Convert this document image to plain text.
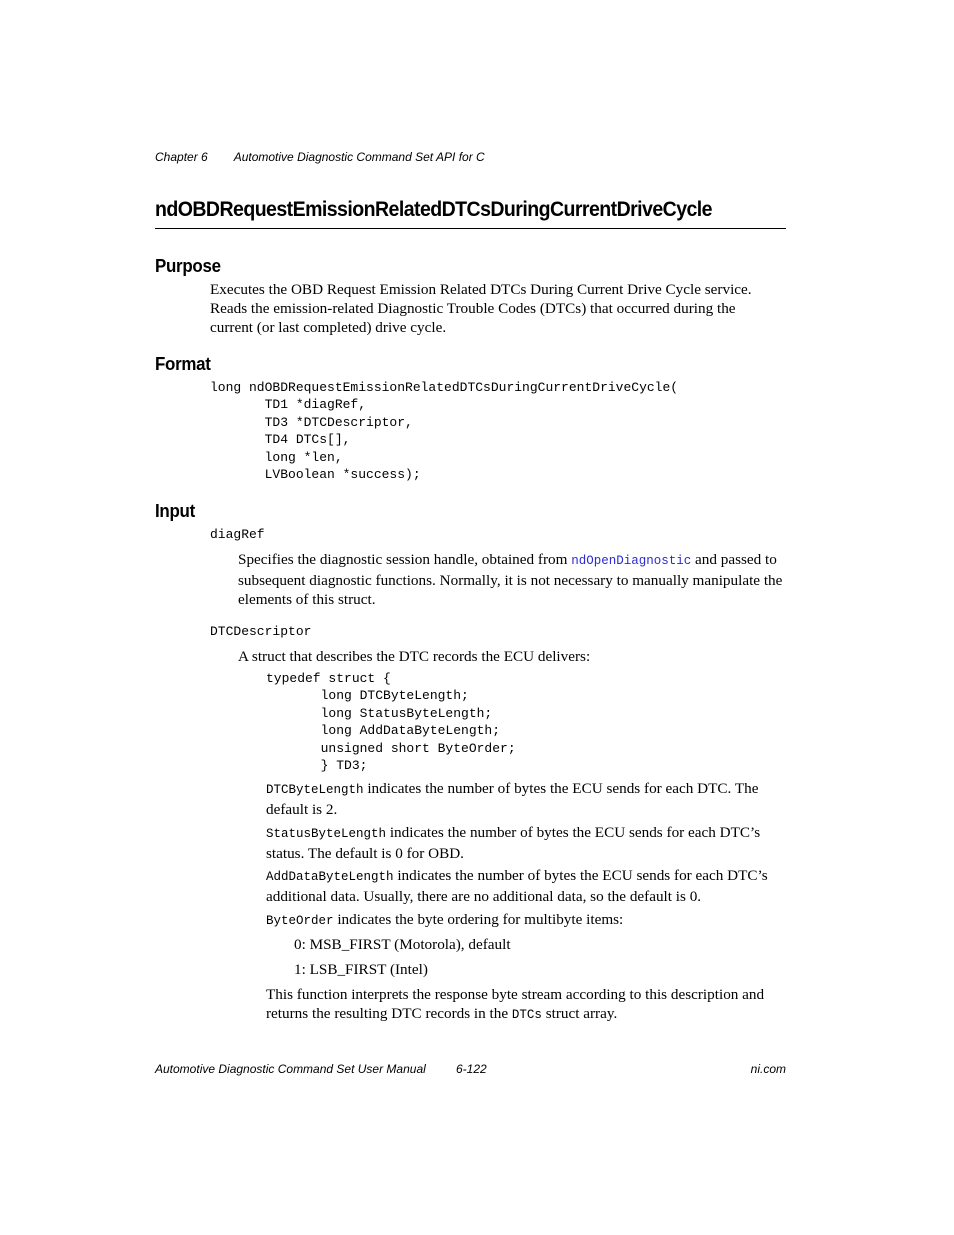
Chapter 6 Automotive Diagnostic Command Set API for C
ndOBDRequestEmissionRelatedDTCsDuringCurrentDriveCycle
Purpose

Executes the OBD Request Emission Related DTCs During Current Drive Cycle service. Reads the emission-related Diagnostic Trouble Codes (DTCs) that occurred during the current (or last completed) drive cycle.

Format
long ndOBDRequestEmissionRelatedDTCsDuringCurrentDriveCycle(
TD1 *diagRef,
TD3 *DTCDescriptor,
TD4 DTCs[],
long *len,
LVBoolean *success);
Input
diagRef

Specifies the diagnostic session handle, obtained from ndOpenDiagnostic and passed to subsequent diagnostic functions. Normally, it is not necessary to manually manipulate the elements of this struct.

DTCDescriptor

A struct that describes the DTC records the ECU delivers:

typedef struct {
long DTCByteLength;
long StatusByteLength;
long AddDataByteLength;
unsigned short ByteOrder;
} TD3;

DTCByteLength indicates the number of bytes the ECU sends for each DTC. The default is 2.

StatusByteLength indicates the number of bytes the ECU sends for each DTC’s status. The default is 0 for OBD.

AddDataByteLength indicates the number of bytes the ECU sends for each DTC’s additional data. Usually, there are no additional data, so the default is 0.

ByteOrder indicates the byte ordering for multibyte items:

0: MSB_FIRST (Motorola), default
1: LSB_FIRST (Intel)

This function interprets the response byte stream according to this description and returns the resulting DTC records in the DTCs struct array.

Automotive Diagnostic Command Set User Manual	6-122	ni.com
